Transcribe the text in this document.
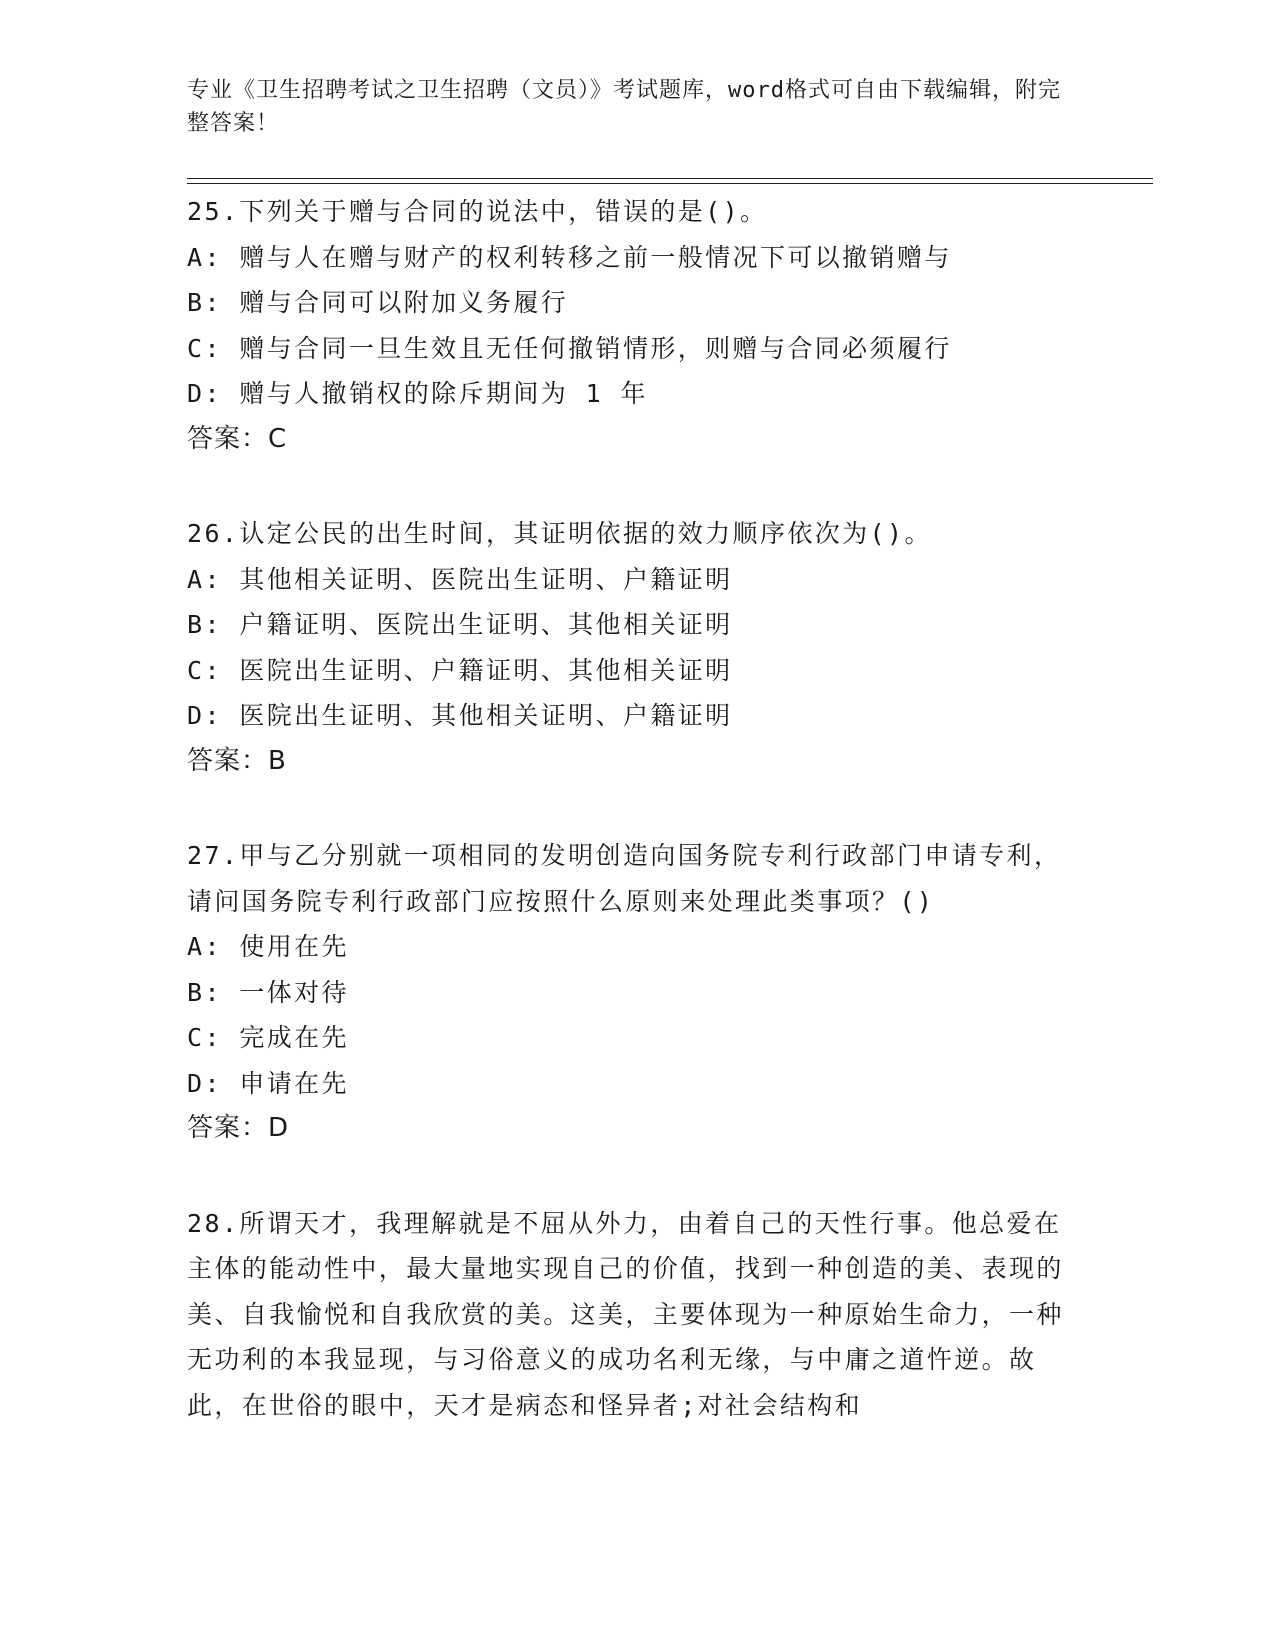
专业《卫生招聘考试之卫生招聘（文员）》考试题库，word格式可自由下载编辑，附完整答案！

25.下列关于赠与合同的说法中，错误的是()。

A: 赠与人在赠与财产的权利转移之前一般情况下可以撤销赠与

B: 赠与合同可以附加义务履行

C: 赠与合同一旦生效且无任何撤销情形，则赠与合同必须履行

D: 赠与人撤销权的除斥期间为 1 年

答案：C

26.认定公民的出生时间，其证明依据的效力顺序依次为()。

A: 其他相关证明、医院出生证明、户籍证明

B: 户籍证明、医院出生证明、其他相关证明

C: 医院出生证明、户籍证明、其他相关证明

D: 医院出生证明、其他相关证明、户籍证明

答案：B

27.甲与乙分别就一项相同的发明创造向国务院专利行政部门申请专利，请问国务院专利行政部门应按照什么原则来处理此类事项？()

A: 使用在先

B: 一体对待

C: 完成在先

D: 申请在先

答案：D

28.所谓天才，我理解就是不屈从外力，由着自己的天性行事。他总爱在主体的能动性中，最大量地实现自己的价值，找到一种创造的美、表现的美、自我愉悦和自我欣赏的美。这美，主要体现为一种原始生命力，一种无功利的本我显现，与习俗意义的成功名利无缘，与中庸之道忤逆。故此，在世俗的眼中，天才是病态和怪异者;对社会结构和
